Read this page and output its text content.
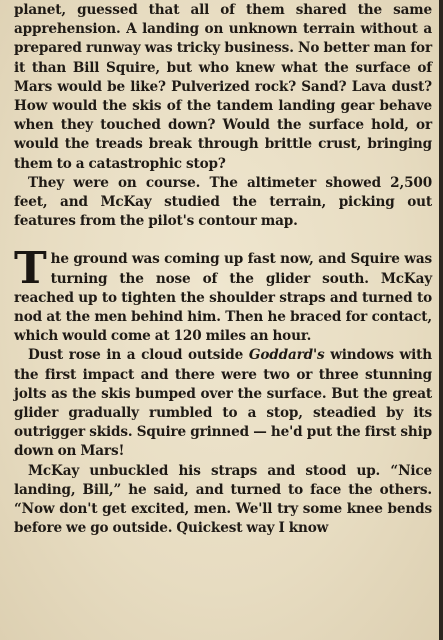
planet, guessed that all of them shared the same apprehension. A landing on unknown terrain without a prepared runway was tricky business. No better man for it than Bill Squire, but who knew what the surface of Mars would be like? Pulverized rock? Sand? Lava dust? How would the skis of the tandem landing gear behave when they touched down? Would the surface hold, or would the treads break through brittle crust, bringing them to a catastrophic stop?

They were on course. The altimeter showed 2,500 feet, and McKay studied the terrain, picking out features from the pilot's contour map.

The ground was coming up fast now, and Squire was turning the nose of the glider south. McKay reached up to tighten the shoulder straps and turned to nod at the men behind him. Then he braced for contact, which would come at 120 miles an hour.

Dust rose in a cloud outside Goddard's windows with the first impact and there were two or three stunning jolts as the skis bumped over the surface. But the great glider gradually rumbled to a stop, steadied by its outrigger skids. Squire grinned — he'd put the first ship down on Mars!

McKay unbuckled his straps and stood up. “Nice landing, Bill,” he said, and turned to face the others. “Now don't get excited, men. We'll try some knee bends before we go outside. Quickest way I know
